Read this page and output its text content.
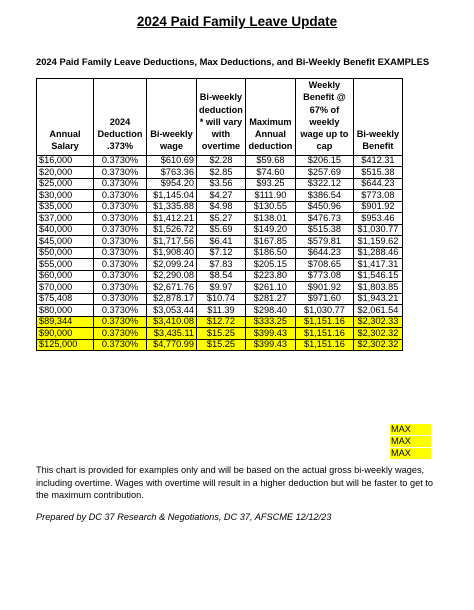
2024 Paid Family Leave Update

2024 Paid Family Leave Deductions, Max Deductions, and Bi-Weekly Benefit EXAMPLES

Annual Salary	2024 Deduction .373%	Bi-weekly wage	Bi-weekly deduction * will vary with overtime	Maximum Annual deduction	Weekly Benefit @ 67% of weekly wage up to cap	Bi-weekly Benefit
$16,000	0.3730%	$610.69	$2.28	$59.68	$206.15	$412.31
$20,000	0.3730%	$763.36	$2.85	$74.60	$257.69	$515.38
$25,000	0.3730%	$954.20	$3.56	$93.25	$322.12	$644.23
$30,000	0.3730%	$1,145.04	$4.27	$111.90	$386.54	$773.08
$35,000	0.3730%	$1,335.88	$4.98	$130.55	$450.96	$901.92
$37,000	0.3730%	$1,412.21	$5.27	$138.01	$476.73	$953.46
$40,000	0.3730%	$1,526.72	$5.69	$149.20	$515.38	$1,030.77
$45,000	0.3730%	$1,717.56	$6.41	$167.85	$579.81	$1,159.62
$50,000	0.3730%	$1,908.40	$7.12	$186.50	$644.23	$1,288.46
$55,000	0.3730%	$2,099.24	$7.83	$205.15	$708.65	$1,417.31
$60,000	0.3730%	$2,290.08	$8.54	$223.80	$773.08	$1,546.15
$70,000	0.3730%	$2,671.76	$9.97	$261.10	$901.92	$1,803.85
$75,408	0.3730%	$2,878.17	$10.74	$281.27	$971.60	$1,943.21
$80,000	0.3730%	$3,053.44	$11.39	$298.40	$1,030.77	$2,061.54
$89,344	0.3730%	$3,410.08	$12.72	$333.25	$1,151.16	$2,302.33
$90,000	0.3730%	$3,435.11	$15.25	$399.43	$1,151.16	$2,302.32
$125,000	0.3730%	$4,770.99	$15.25	$399.43	$1,151.16	$2,302.32
MAX
MAX
MAX

This chart is provided for examples only and will be based on the actual gross bi-weekly wages, including overtime. Wages with overtime will result in a higher deduction but will be faster to get to the maximum contribution.

Prepared by DC 37 Research & Negotiations, DC 37, AFSCME 12/12/23
